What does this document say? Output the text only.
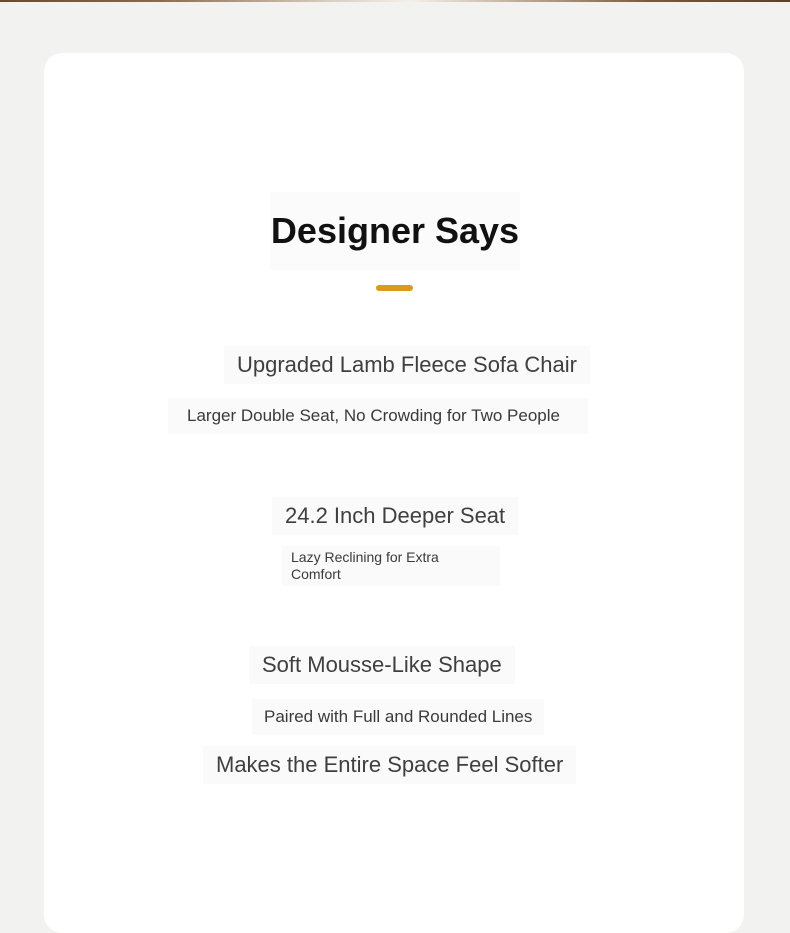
Designer Says
Upgraded Lamb Fleece Sofa Chair
Larger Double Seat, No Crowding for Two People
24.2 Inch Deeper Seat
Lazy Reclining for Extra
Comfort
Soft Mousse-Like Shape
Paired with Full and Rounded Lines
Makes the Entire Space Feel Softer
